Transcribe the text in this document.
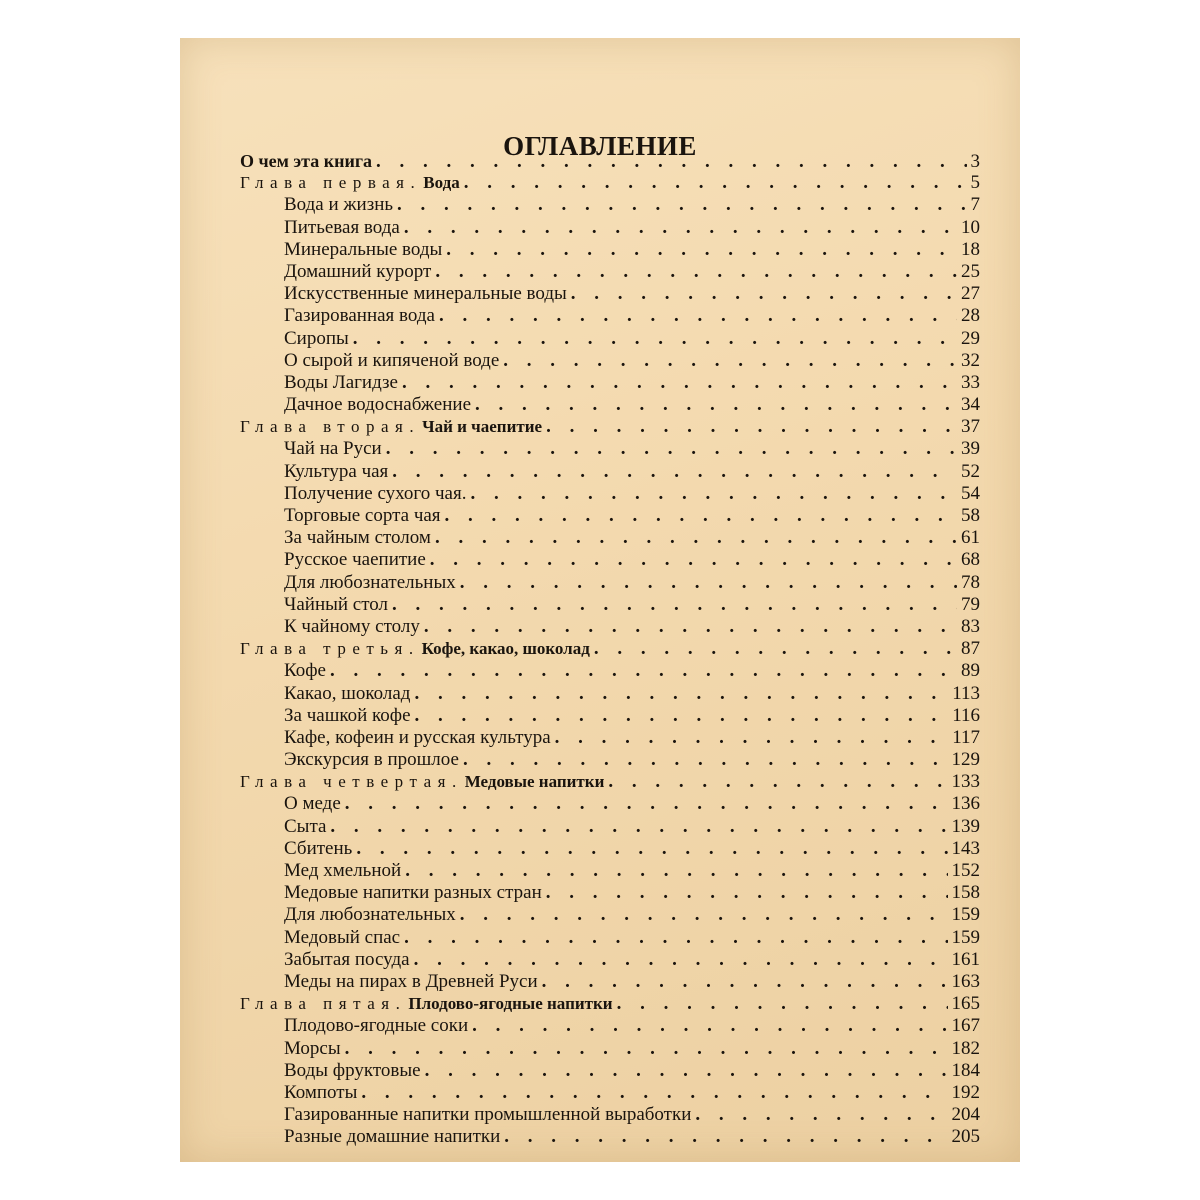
ОГЛАВЛЕНИЕ
О чем эта книга . . .	3
Глава первая. Вода . . .	5
Вода и жизнь . . .	7
Питьевая вода . . .	10
Минеральные воды . . .	18
Домашний курорт . . .	25
Искусственные минеральные воды . . .	27
Газированная вода . . .	28
Сиропы . . .	29
О сырой и кипяченой воде . . .	32
Воды Лагидзе . . .	33
Дачное водоснабжение . . .	34
Глава вторая. Чай и чаепитие . . .	37
Чай на Руси . . .	39
Культура чая . . .	52
Получение сухого чая. . . .	54
Торговые сорта чая . . .	58
За чайным столом . . .	61
Русское чаепитие . . .	68
Для любознательных . . .	78
Чайный стол . . .	79
К чайному столу . . .	83
Глава третья. Кофе, какао, шоколад . . .	87
Кофе . . .	89
Какао, шоколад . . .	113
За чашкой кофе . . .	116
Кафе, кофеин и русская культура . . .	117
Экскурсия в прошлое . . .	129
Глава четвертая. Медовые напитки . . .	133
О меде . . .	136
Сыта . . .	139
Сбитень . . .	143
Мед хмельной . . .	152
Медовые напитки разных стран . . .	158
Для любознательных . . .	159
Медовый спас . . .	159
Забытая посуда . . .	161
Меды на пирах в Древней Руси . . .	163
Глава пятая. Плодово-ягодные напитки . . .	165
Плодово-ягодные соки . . .	167
Морсы . . .	182
Воды фруктовые . . .	184
Компоты . . .	192
Газированные напитки промышленной выработки . . .	204
Разные домашние напитки . . .	205
